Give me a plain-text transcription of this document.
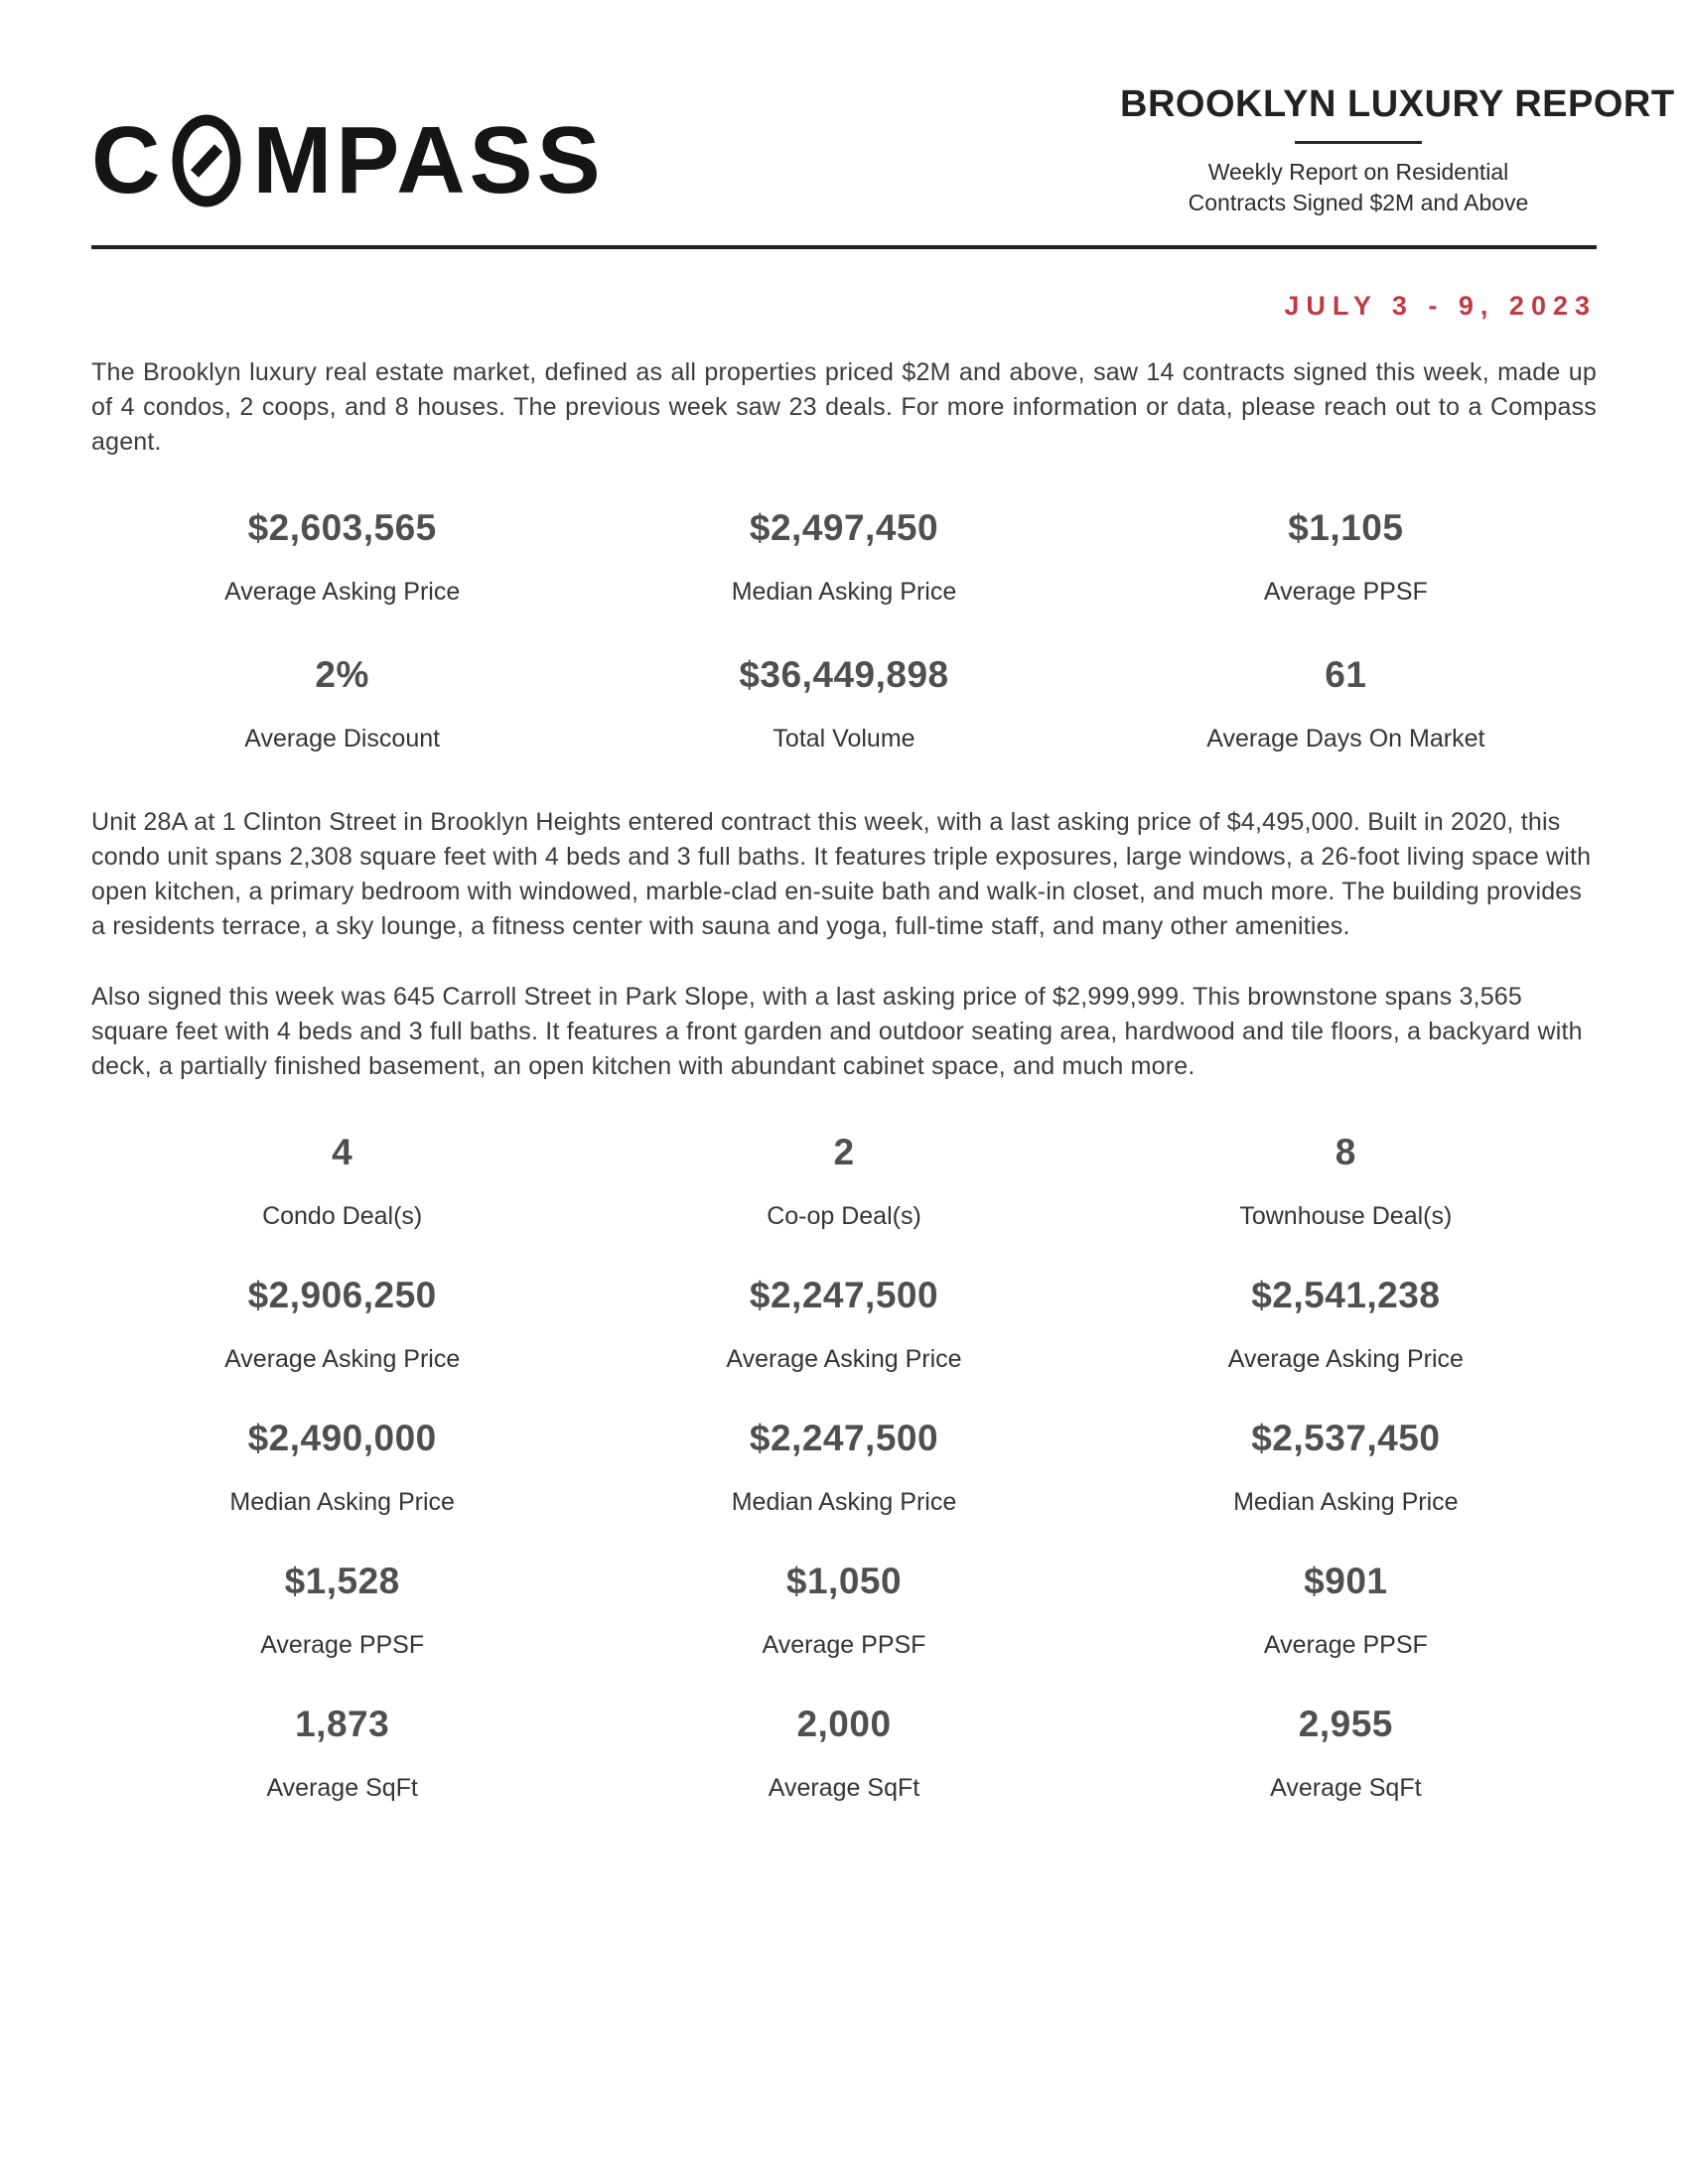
C MPASS
BROOKLYN LUXURY REPORT

Weekly Report on Residential
Contracts Signed $2M and Above

JULY 3 - 9, 2023

The Brooklyn luxury real estate market, defined as all properties priced $2M and above, saw 14 contracts signed this week, made up of 4 condos, 2 coops, and 8 houses. The previous week saw 23 deals. For more information or data, please reach out to a Compass agent.

$2,603,565
Average Asking Price
$2,497,450
Median Asking Price
$1,105
Average PPSF
2%
Average Discount
$36,449,898
Total Volume
61
Average Days On Market

Unit 28A at 1 Clinton Street in Brooklyn Heights entered contract this week, with a last asking price of $4,495,000. Built in 2020, this condo unit spans 2,308 square feet with 4 beds and 3 full baths. It features triple exposures, large windows, a 26-foot living space with open kitchen, a primary bedroom with windowed, marble-clad en-suite bath and walk-in closet, and much more. The building provides a residents terrace, a sky lounge, a fitness center with sauna and yoga, full-time staff, and many other amenities.

Also signed this week was 645 Carroll Street in Park Slope, with a last asking price of $2,999,999. This brownstone spans 3,565 square feet with 4 beds and 3 full baths. It features a front garden and outdoor seating area, hardwood and tile floors, a backyard with deck, a partially finished basement, an open kitchen with abundant cabinet space, and much more.

4
Condo Deal(s)
2
Co-op Deal(s)
8
Townhouse Deal(s)
$2,906,250
Average Asking Price
$2,247,500
Average Asking Price
$2,541,238
Average Asking Price
$2,490,000
Median Asking Price
$2,247,500
Median Asking Price
$2,537,450
Median Asking Price
$1,528
Average PPSF
$1,050
Average PPSF
$901
Average PPSF
1,873
Average SqFt
2,000
Average SqFt
2,955
Average SqFt
